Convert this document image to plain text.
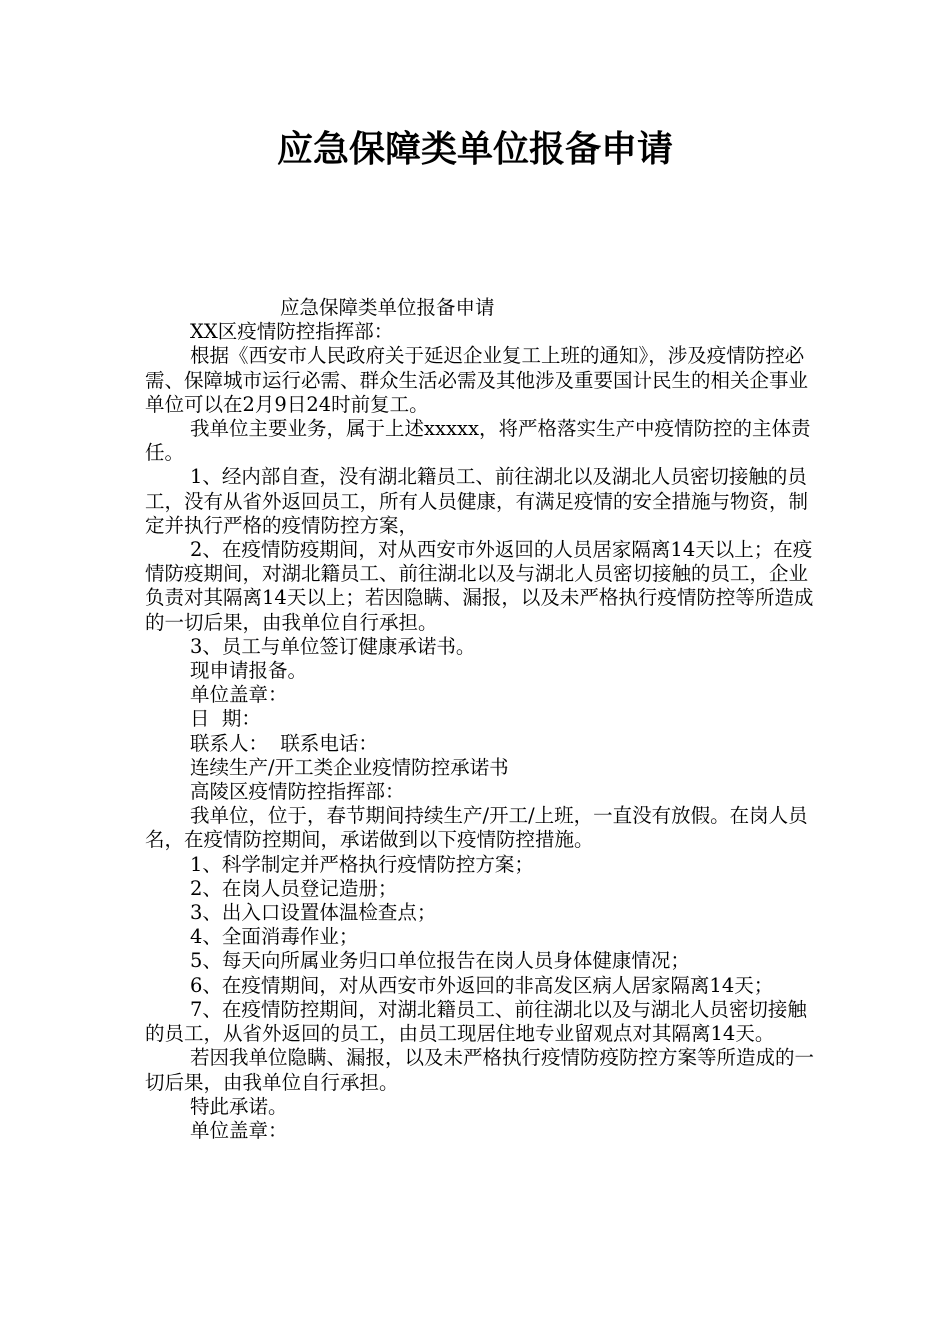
应急保障类单位报备申请

应急保障类单位报备申请

XX区疫情防控指挥部：

根据《西安市人民政府关于延迟企业复工上班的通知》，涉及疫情防控必需、保障城市运行必需、群众生活必需及其他涉及重要国计民生的相关企事业单位可以在2月9日24时前复工。

我单位主要业务，属于上述xxxxx，将严格落实生产中疫情防控的主体责任。

1、经内部自查，没有湖北籍员工、前往湖北以及湖北人员密切接触的员工，没有从省外返回员工，所有人员健康，有满足疫情的安全措施与物资，制定并执行严格的疫情防控方案，

2、在疫情防疫期间，对从西安市外返回的人员居家隔离14天以上；在疫情防疫期间，对湖北籍员工、前往湖北以及与湖北人员密切接触的员工，企业负责对其隔离14天以上；若因隐瞒、漏报，以及未严格执行疫情防控等所造成的一切后果，由我单位自行承担。

3、员工与单位签订健康承诺书。

现申请报备。

单位盖章：

日  期：

联系人：  联系电话：

连续生产/开工类企业疫情防控承诺书

高陵区疫情防控指挥部：

我单位，位于，春节期间持续生产/开工/上班，一直没有放假。在岗人员  名，在疫情防控期间，承诺做到以下疫情防控措施。

1、科学制定并严格执行疫情防控方案；

2、在岗人员登记造册；

3、出入口设置体温检查点；

4、全面消毒作业；

5、每天向所属业务归口单位报告在岗人员身体健康情况；

6、在疫情期间，对从西安市外返回的非高发区病人居家隔离14天；

7、在疫情防控期间，对湖北籍员工、前往湖北以及与湖北人员密切接触的员工，从省外返回的员工，由员工现居住地专业留观点对其隔离14天。

若因我单位隐瞒、漏报，以及未严格执行疫情防疫防控方案等所造成的一切后果，由我单位自行承担。

特此承诺。

单位盖章：
